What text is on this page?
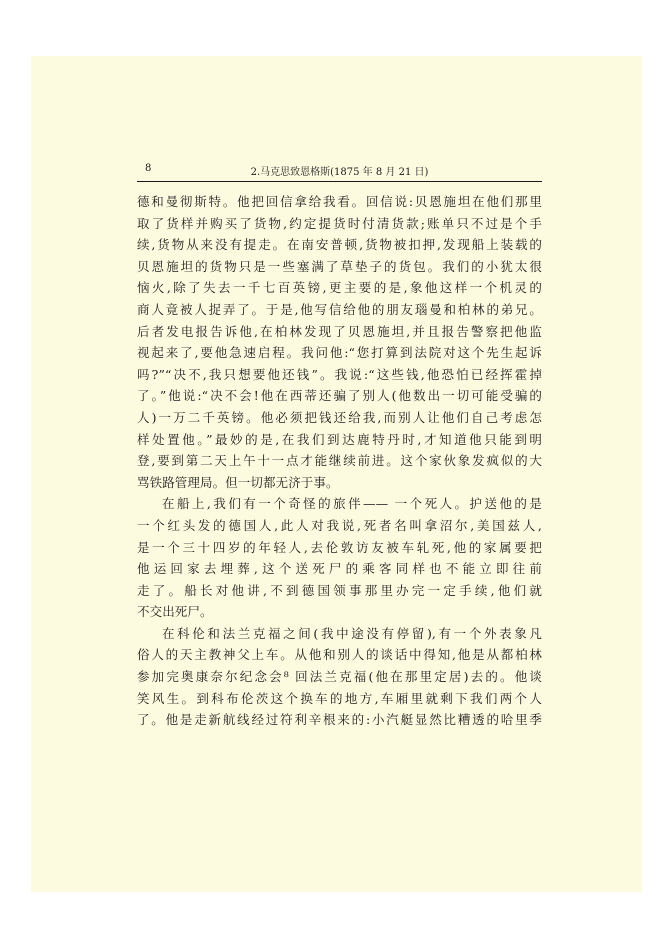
8	2.马克思致恩格斯(1875 年 8 月 21 日)

德和曼彻斯特。他把回信拿给我看。回信说:贝恩施坦在他们那里
取了货样并购买了货物,约定提货时付清货款;账单只不过是个手
续,货物从来没有提走。在南安普顿,货物被扣押,发现船上装载的
贝恩施坦的货物只是一些塞满了草垫子的货包。我们的小犹太很
恼火,除了失去一千七百英镑,更主要的是,象他这样一个机灵的
商人竟被人捉弄了。于是,他写信给他的朋友瑙曼和柏林的弟兄。
后者发电报告诉他,在柏林发现了贝恩施坦,并且报告警察把他监
视起来了,要他急速启程。我问他:“您打算到法院对这个先生起诉
吗?”“决不,我只想要他还钱”。我说:“这些钱,他恐怕已经挥霍掉
了。”他说:“决不会!他在西蒂还骗了别人(他数出一切可能受骗的
人)一万二千英镑。他必须把钱还给我,而别人让他们自己考虑怎
样处置他。”最妙的是,在我们到达鹿特丹时,才知道他只能到明
登,要到第二天上午十一点才能继续前进。这个家伙象发疯似的大
骂铁路管理局。但一切都无济于事。

在船上,我们有一个奇怪的旅伴—— 一个死人。护送他的是
一个红头发的德国人,此人对我说,死者名叫拿沼尔,美国兹人,
是一个三十四岁的年轻人,去伦敦访友被车轧死,他的家属要把
他运回家去埋葬,这个送死尸的乘客同样也不能立即往前
走了。船长对他讲,不到德国领事那里办完一定手续,他们就
不交出死尸。

在科伦和法兰克福之间(我中途没有停留),有一个外表象凡
俗人的天主教神父上车。从他和别人的谈话中得知,他是从都柏林
参加完奥康奈尔纪念会⁸ 回法兰克福(他在那里定居)去的。他谈
笑风生。到科布伦茨这个换车的地方,车厢里就剩下我们两个人
了。他是走新航线经过符利辛根来的:小汽艇显然比糟透的哈里季
